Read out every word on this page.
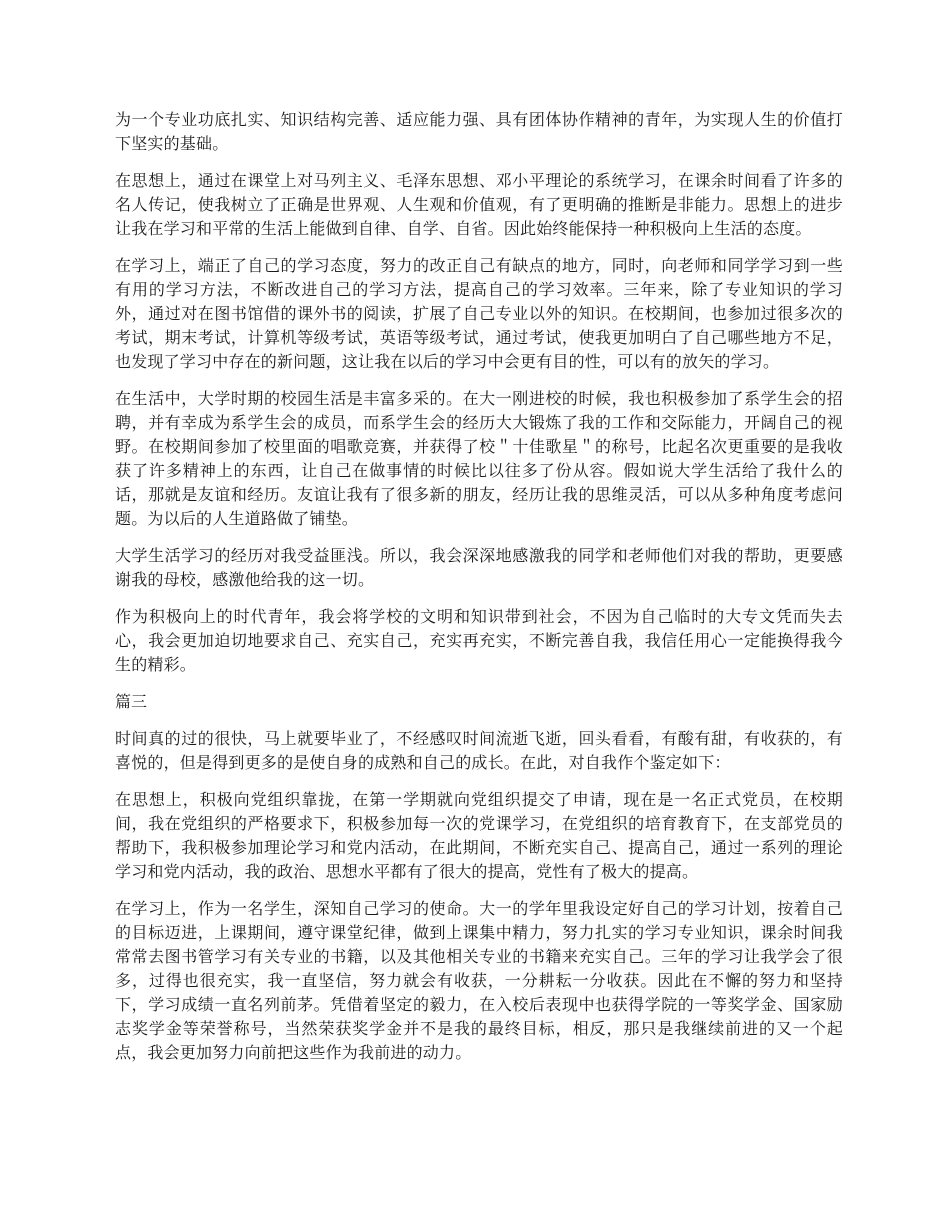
为一个专业功底扎实、知识结构完善、适应能力强、具有团体协作精神的青年，为实现人生的价值打下坚实的基础。

在思想上，通过在课堂上对马列主义、毛泽东思想、邓小平理论的系统学习，在课余时间看了许多的名人传记，使我树立了正确是世界观、人生观和价值观，有了更明确的推断是非能力。思想上的进步让我在学习和平常的生活上能做到自律、自学、自省。因此始终能保持一种积极向上生活的态度。

在学习上，端正了自己的学习态度，努力的改正自己有缺点的地方，同时，向老师和同学学习到一些有用的学习方法，不断改进自己的学习方法，提高自己的学习效率。三年来，除了专业知识的学习外，通过对在图书馆借的课外书的阅读，扩展了自己专业以外的知识。在校期间，也参加过很多次的考试，期末考试，计算机等级考试，英语等级考试，通过考试，使我更加明白了自己哪些地方不足，也发现了学习中存在的新问题，这让我在以后的学习中会更有目的性，可以有的放矢的学习。

在生活中，大学时期的校园生活是丰富多采的。在大一刚进校的时候，我也积极参加了系学生会的招聘，并有幸成为系学生会的成员，而系学生会的经历大大锻炼了我的工作和交际能力，开阔自己的视野。在校期间参加了校里面的唱歌竞赛，并获得了校＂十佳歌星＂的称号，比起名次更重要的是我收获了许多精神上的东西，让自己在做事情的时候比以往多了份从容。假如说大学生活给了我什么的话，那就是友谊和经历。友谊让我有了很多新的朋友，经历让我的思维灵活，可以从多种角度考虑问题。为以后的人生道路做了铺垫。

大学生活学习的经历对我受益匪浅。所以，我会深深地感激我的同学和老师他们对我的帮助，更要感谢我的母校，感激他给我的这一切。

作为积极向上的时代青年，我会将学校的文明和知识带到社会，不因为自己临时的大专文凭而失去心，我会更加迫切地要求自己、充实自己，充实再充实，不断完善自我，我信任用心一定能换得我今生的精彩。

篇三

时间真的过的很快，马上就要毕业了，不经感叹时间流逝飞逝，回头看看，有酸有甜，有收获的，有喜悦的，但是得到更多的是使自身的成熟和自己的成长。在此，对自我作个鉴定如下：

在思想上，积极向党组织靠拢，在第一学期就向党组织提交了申请，现在是一名正式党员，在校期间，我在党组织的严格要求下，积极参加每一次的党课学习，在党组织的培育教育下，在支部党员的帮助下，我积极参加理论学习和党内活动，在此期间，不断充实自己、提高自己，通过一系列的理论学习和党内活动，我的政治、思想水平都有了很大的提高，党性有了极大的提高。

在学习上，作为一名学生，深知自己学习的使命。大一的学年里我设定好自己的学习计划，按着自己的目标迈进，上课期间，遵守课堂纪律，做到上课集中精力，努力扎实的学习专业知识，课余时间我常常去图书管学习有关专业的书籍，以及其他相关专业的书籍来充实自己。三年的学习让我学会了很多，过得也很充实，我一直坚信，努力就会有收获，一分耕耘一分收获。因此在不懈的努力和坚持下，学习成绩一直名列前茅。凭借着坚定的毅力，在入校后表现中也获得学院的一等奖学金、国家励志奖学金等荣誉称号，当然荣获奖学金并不是我的最终目标，相反，那只是我继续前进的又一个起点，我会更加努力向前把这些作为我前进的动力。
